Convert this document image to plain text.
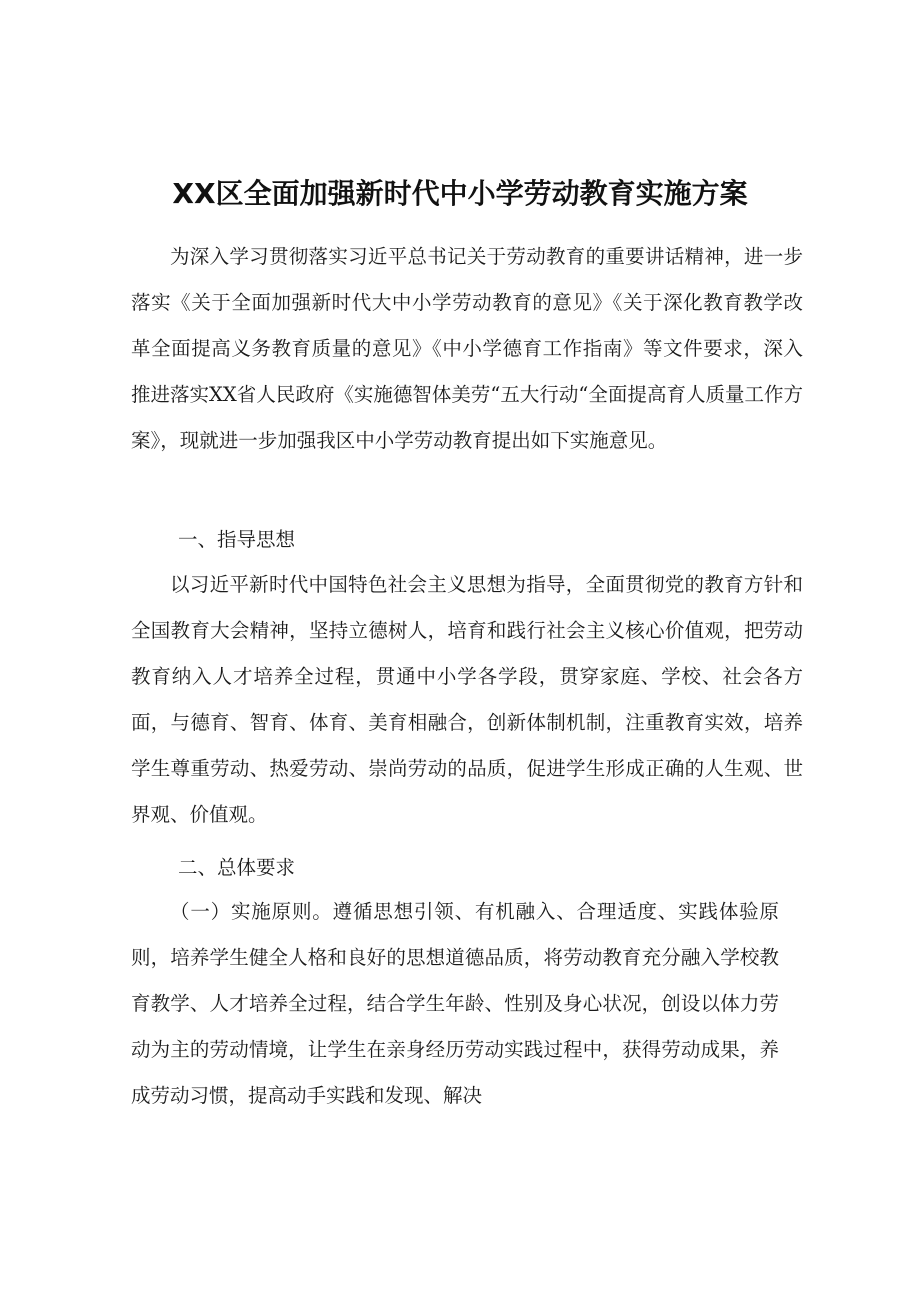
XX区全面加强新时代中小学劳动教育实施方案

为深入学习贯彻落实习近平总书记关于劳动教育的重要讲话精神，进一步落实《关于全面加强新时代大中小学劳动教育的意见》《关于深化教育教学改革全面提高义务教育质量的意见》《中小学德育工作指南》等文件要求，深入推进落实XX省人民政府《实施德智体美劳“五大行动“全面提高育人质量工作方案》，现就进一步加强我区中小学劳动教育提出如下实施意见。

一、指导思想

以习近平新时代中国特色社会主义思想为指导，全面贯彻党的教育方针和全国教育大会精神，坚持立德树人，培育和践行社会主义核心价值观，把劳动教育纳入人才培养全过程，贯通中小学各学段，贯穿家庭、学校、社会各方面，与德育、智育、体育、美育相融合，创新体制机制，注重教育实效，培养学生尊重劳动、热爱劳动、崇尚劳动的品质，促进学生形成正确的人生观、世界观、价值观。

二、总体要求

（一）实施原则。遵循思想引领、有机融入、合理适度、实践体验原则，培养学生健全人格和良好的思想道德品质，将劳动教育充分融入学校教育教学、人才培养全过程，结合学生年龄、性别及身心状况，创设以体力劳动为主的劳动情境，让学生在亲身经历劳动实践过程中，获得劳动成果，养成劳动习惯，提高动手实践和发现、解决
